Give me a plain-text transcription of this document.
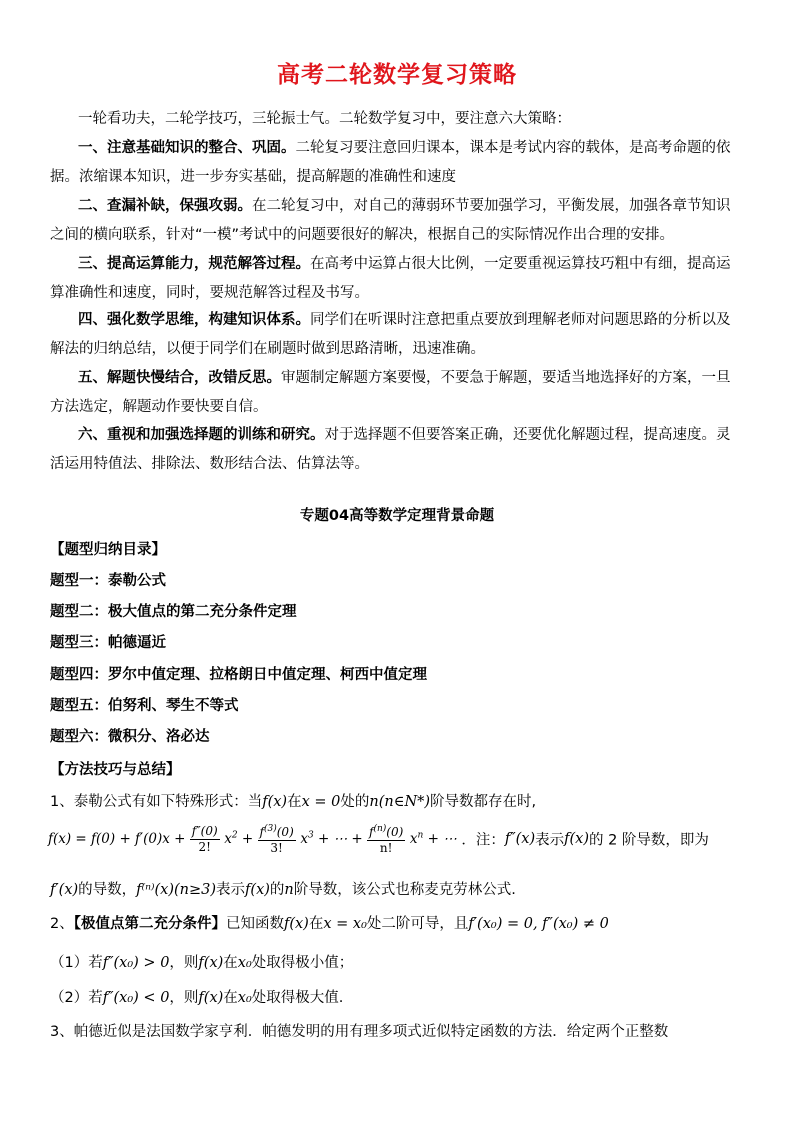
高考二轮数学复习策略
一轮看功夫，二轮学技巧，三轮振士气。二轮数学复习中，要注意六大策略：
一、注意基础知识的整合、巩固。二轮复习要注意回归课本，课本是考试内容的载体，是高考命题的依
据。浓缩课本知识，进一步夯实基础，提高解题的准确性和速度
二、查漏补缺，保强攻弱。在二轮复习中，对自己的薄弱环节要加强学习，平衡发展，加强各章节知识
之间的横向联系，针对“一模”考试中的问题要很好的解决，根据自己的实际情况作出合理的安排。
三、提高运算能力，规范解答过程。在高考中运算占很大比例，一定要重视运算技巧粗中有细，提高运
算准确性和速度，同时，要规范解答过程及书写。
四、强化数学思维，构建知识体系。同学们在听课时注意把重点要放到理解老师对问题思路的分析以及
解法的归纳总结，以便于同学们在刷题时做到思路清晰，迅速准确。
五、解题快慢结合，改错反思。审题制定解题方案要慢，不要急于解题，要适当地选择好的方案，一旦
方法选定，解题动作要快要自信。
六、重视和加强选择题的训练和研究。对于选择题不但要答案正确，还要优化解题过程，提高速度。灵
活运用特值法、排除法、数形结合法、估算法等。
专题04高等数学定理背景命题
【题型归纳目录】
题型一：泰勒公式
题型二：极大值点的第二充分条件定理
题型三：帕德逼近
题型四：罗尔中值定理、拉格朗日中值定理、柯西中值定理
题型五：伯努利、琴生不等式
题型六：微积分、洛必达
【方法技巧与总结】
1、泰勒公式有如下特殊形式：当f(x)在x = 0处的n(n∈N*)阶导数都存在时,
$f(x) = f(0) + f'(0)x + \frac{f''(0)}{2!} x^2 + \frac{f^{(3)}(0)}{3!} x^3$ + ⋯ + $\frac{f^{(n)}(0)}{n!} x^n$ + ⋯ ．注：f″(x)表示f(x)的 2 阶导数，即为
f′(x)的导数，f⁽ⁿ⁾(x)(n≥3)表示f(x)的n阶导数，该公式也称麦克劳林公式.
2、【极值点第二充分条件】已知函数f(x)在x = x₀处二阶可导，且f′(x₀) = 0, f″(x₀) ≠ 0
（1）若f″(x₀) > 0，则f(x)在x₀处取得极小值；
（2）若f″(x₀) < 0，则f(x)在x₀处取得极大值.
3、帕德近似是法国数学家亨利．帕德发明的用有理多项式近似特定函数的方法．给定两个正整数
